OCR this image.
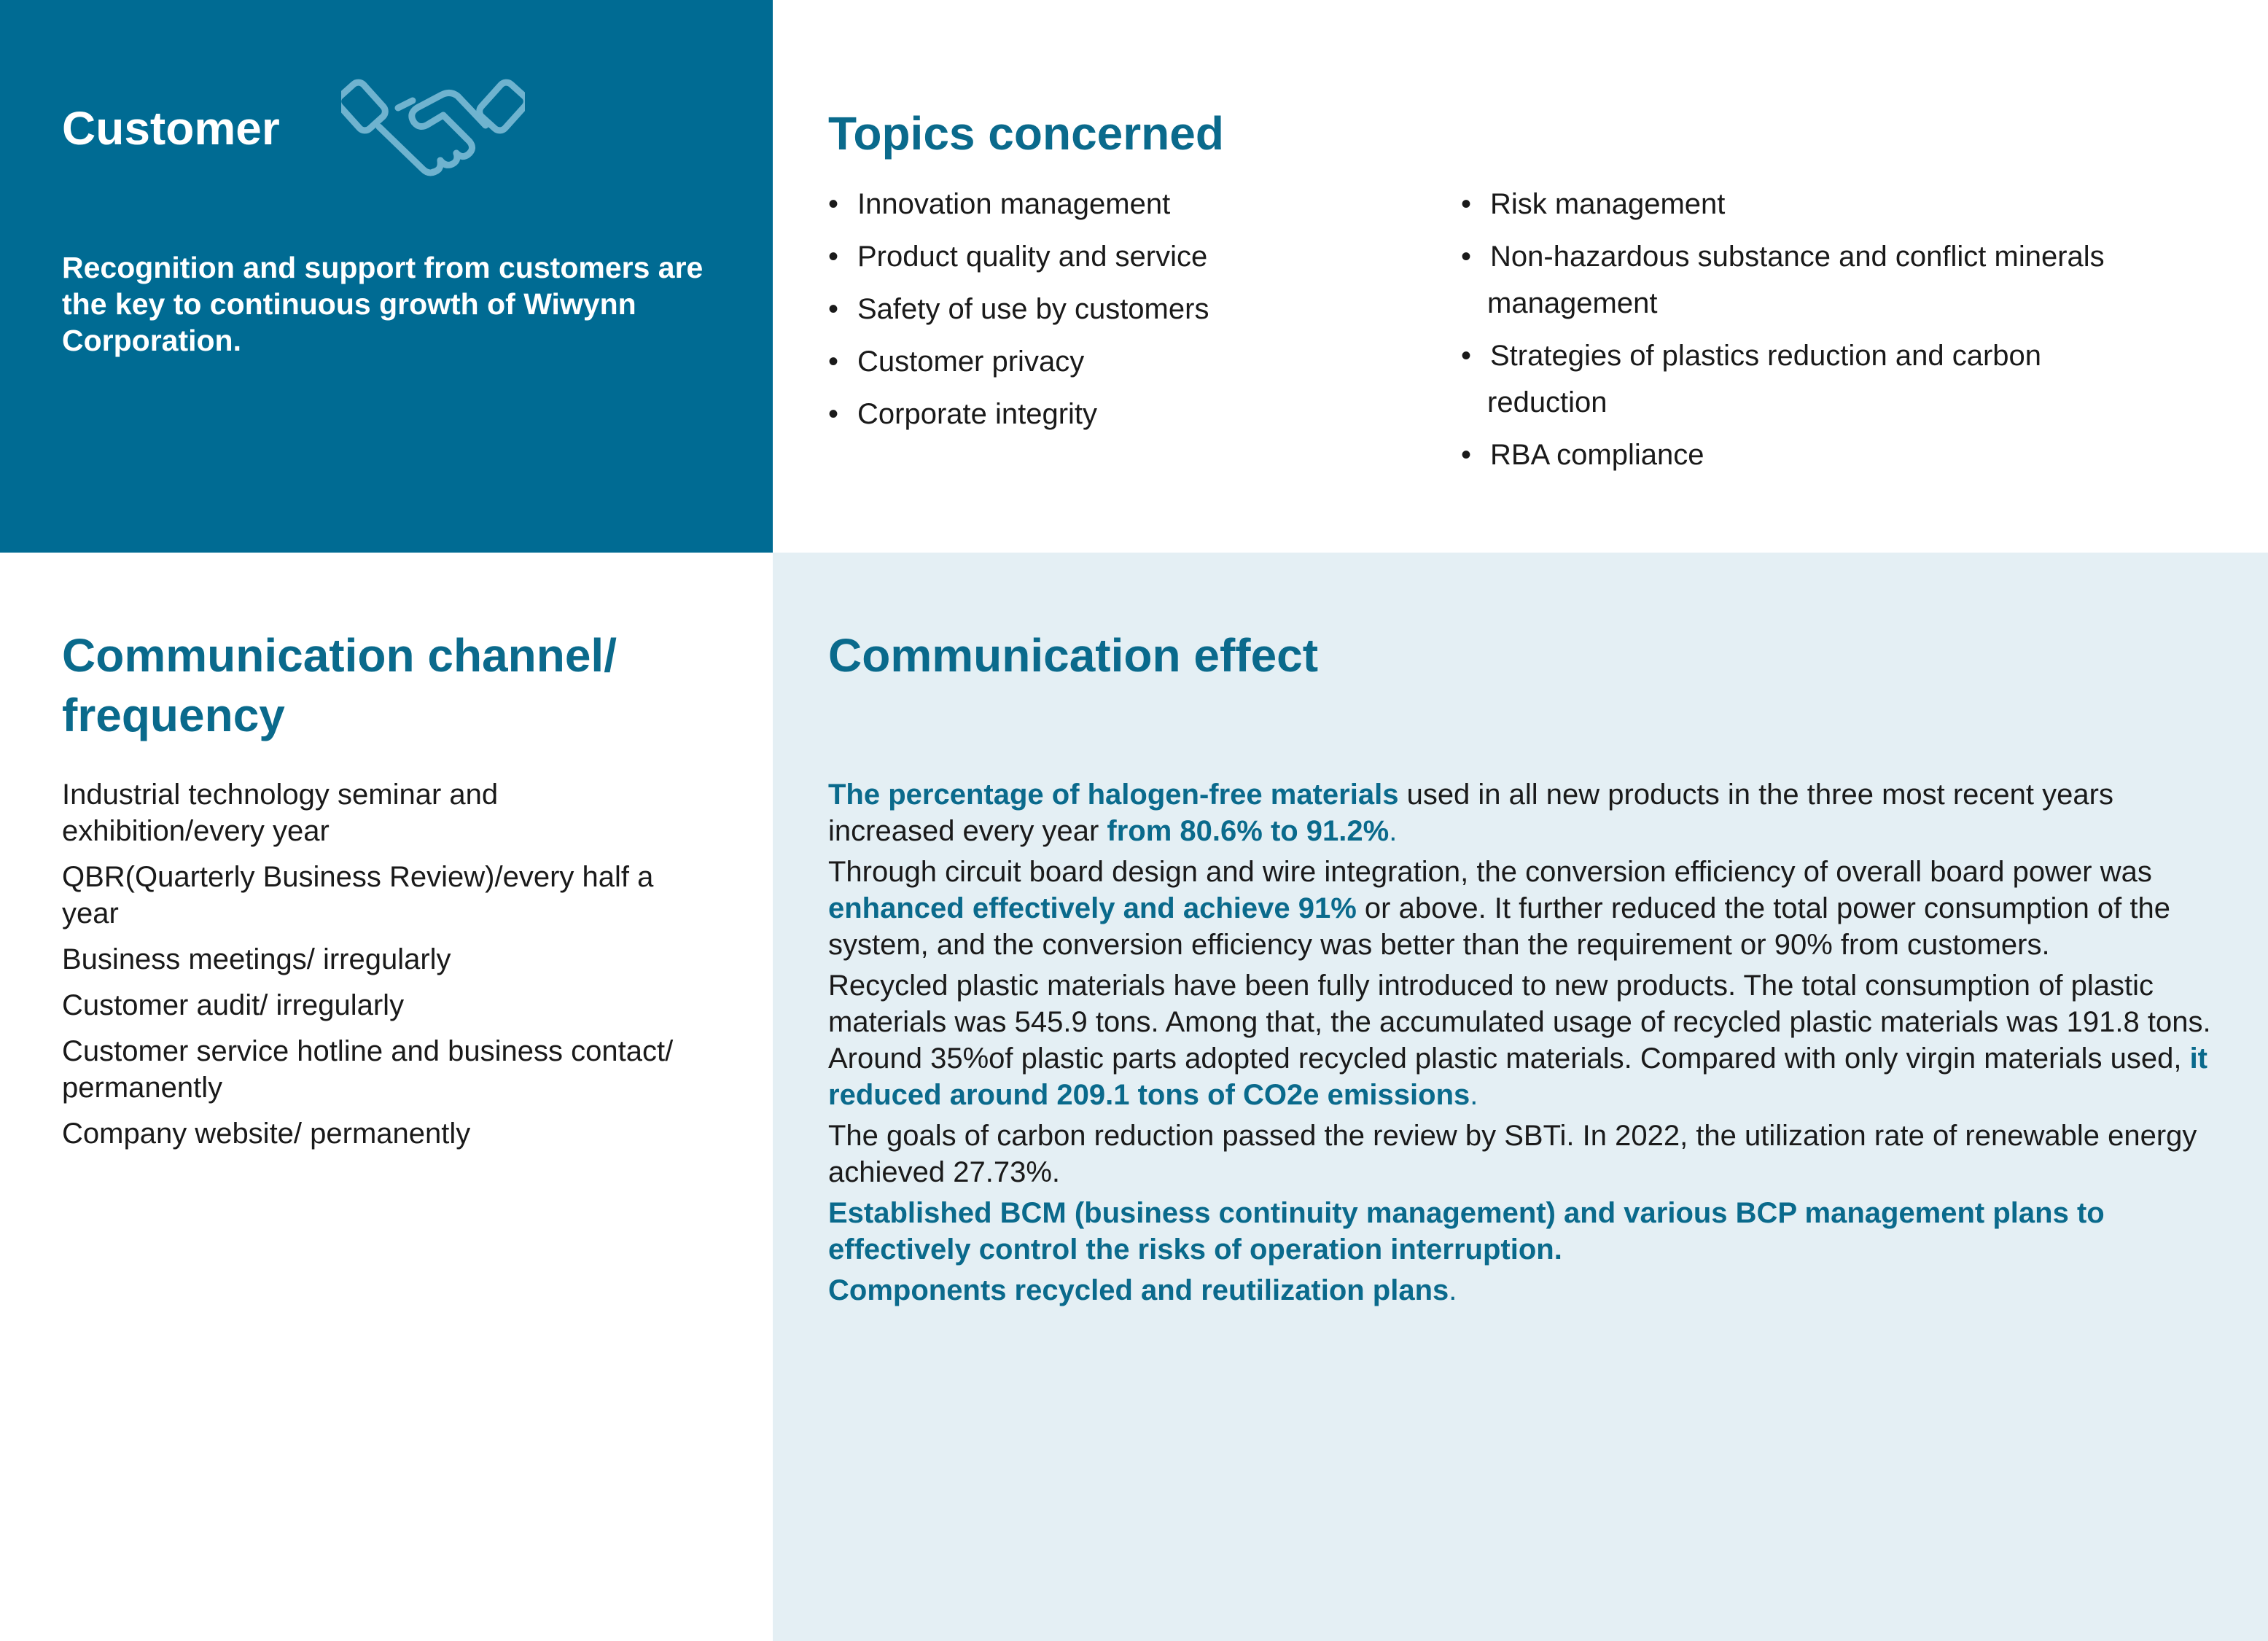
Customer
Recognition and support from customers are the key to continuous growth of Wiwynn Corporation.
Topics concerned
• Innovation management
• Product quality and service
• Safety of use by customers
• Customer privacy
• Corporate integrity
• Risk management
• Non-hazardous substance and conflict minerals
management
• Strategies of plastics reduction and carbon
reduction
• RBA compliance
Communication channel/ frequency
Industrial technology seminar and exhibition/every year
QBR(Quarterly Business Review)/every half a year
Business meetings/ irregularly
Customer audit/ irregularly
Customer service hotline and business contact/ permanently
Company website/ permanently
Communication effect

The percentage of halogen-free materials used in all new products in the three most recent years increased every year from 80.6% to 91.2%.

Through circuit board design and wire integration, the conversion efficiency of overall board power was enhanced effectively and achieve 91% or above. It further reduced the total power consumption of the system, and the conversion efficiency was better than the requirement or 90% from customers.

Recycled plastic materials have been fully introduced to new products. The total consumption of plastic materials was 545.9 tons. Among that, the accumulated usage of recycled plastic materials was 191.8 tons. Around 35%of plastic parts adopted recycled plastic materials. Compared with only virgin materials used, it reduced around 209.1 tons of CO2e emissions.

The goals of carbon reduction passed the review by SBTi. In 2022, the utilization rate of renewable energy achieved 27.73%.

Established BCM (business continuity management) and various BCP management plans to effectively control the risks of operation interruption.

Components recycled and reutilization plans.
